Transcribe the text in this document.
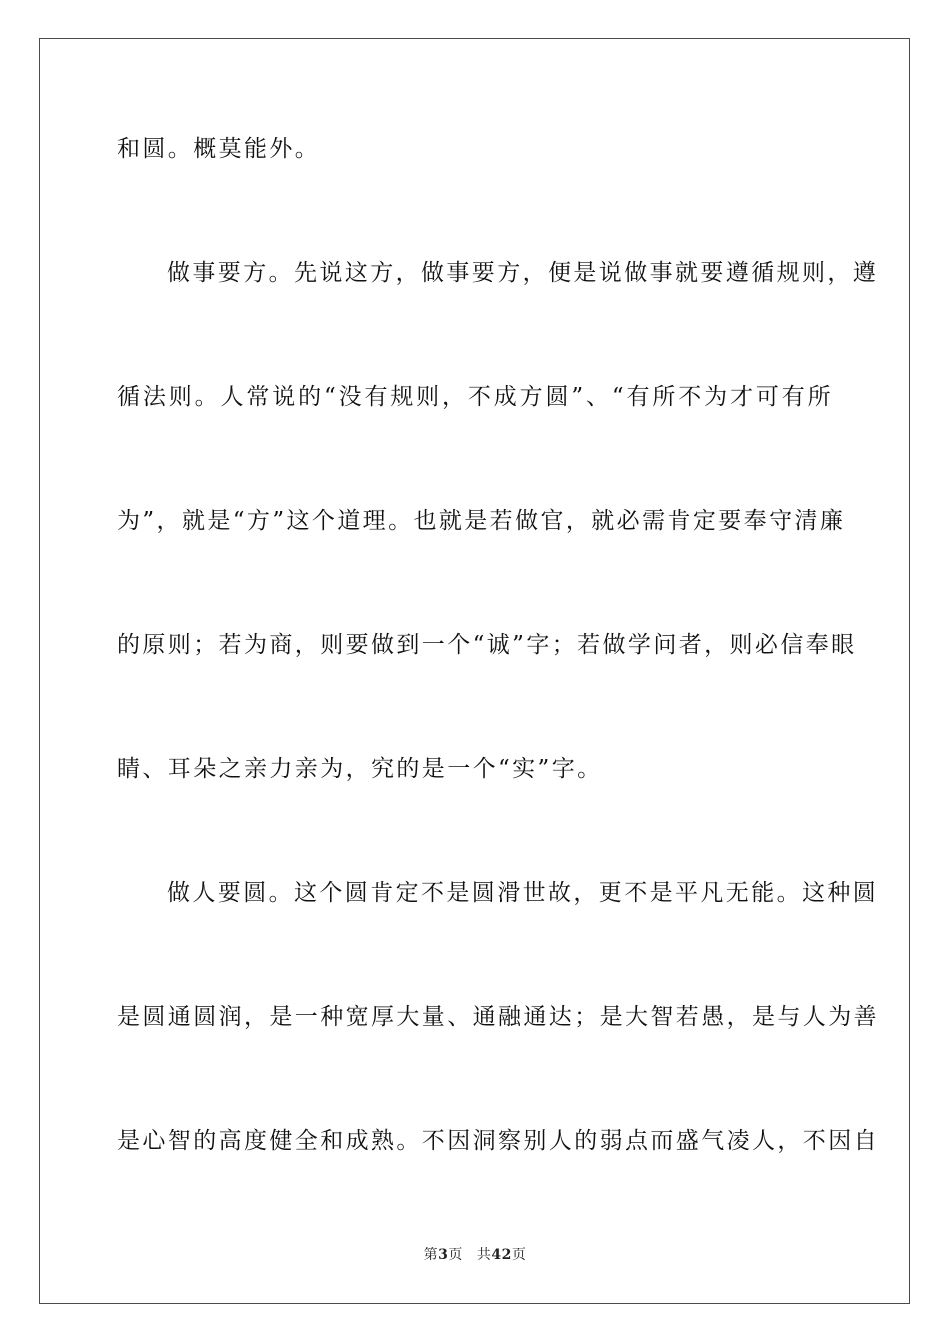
和圆。概莫能外。
做事要方。先说这方，做事要方，便是说做事就要遵循规则，遵
循法则。人常说的“没有规则，不成方圆”、“有所不为才可有所
为”，就是“方”这个道理。也就是若做官，就必需肯定要奉守清廉
的原则；若为商，则要做到一个“诚”字；若做学问者，则必信奉眼
睛、耳朵之亲力亲为，究的是一个“实”字。
做人要圆。这个圆肯定不是圆滑世故，更不是平凡无能。这种圆
是圆通圆润，是一种宽厚大量、通融通达；是大智若愚，是与人为善
是心智的高度健全和成熟。不因洞察别人的弱点而盛气凌人，不因自
第3页 共42页
